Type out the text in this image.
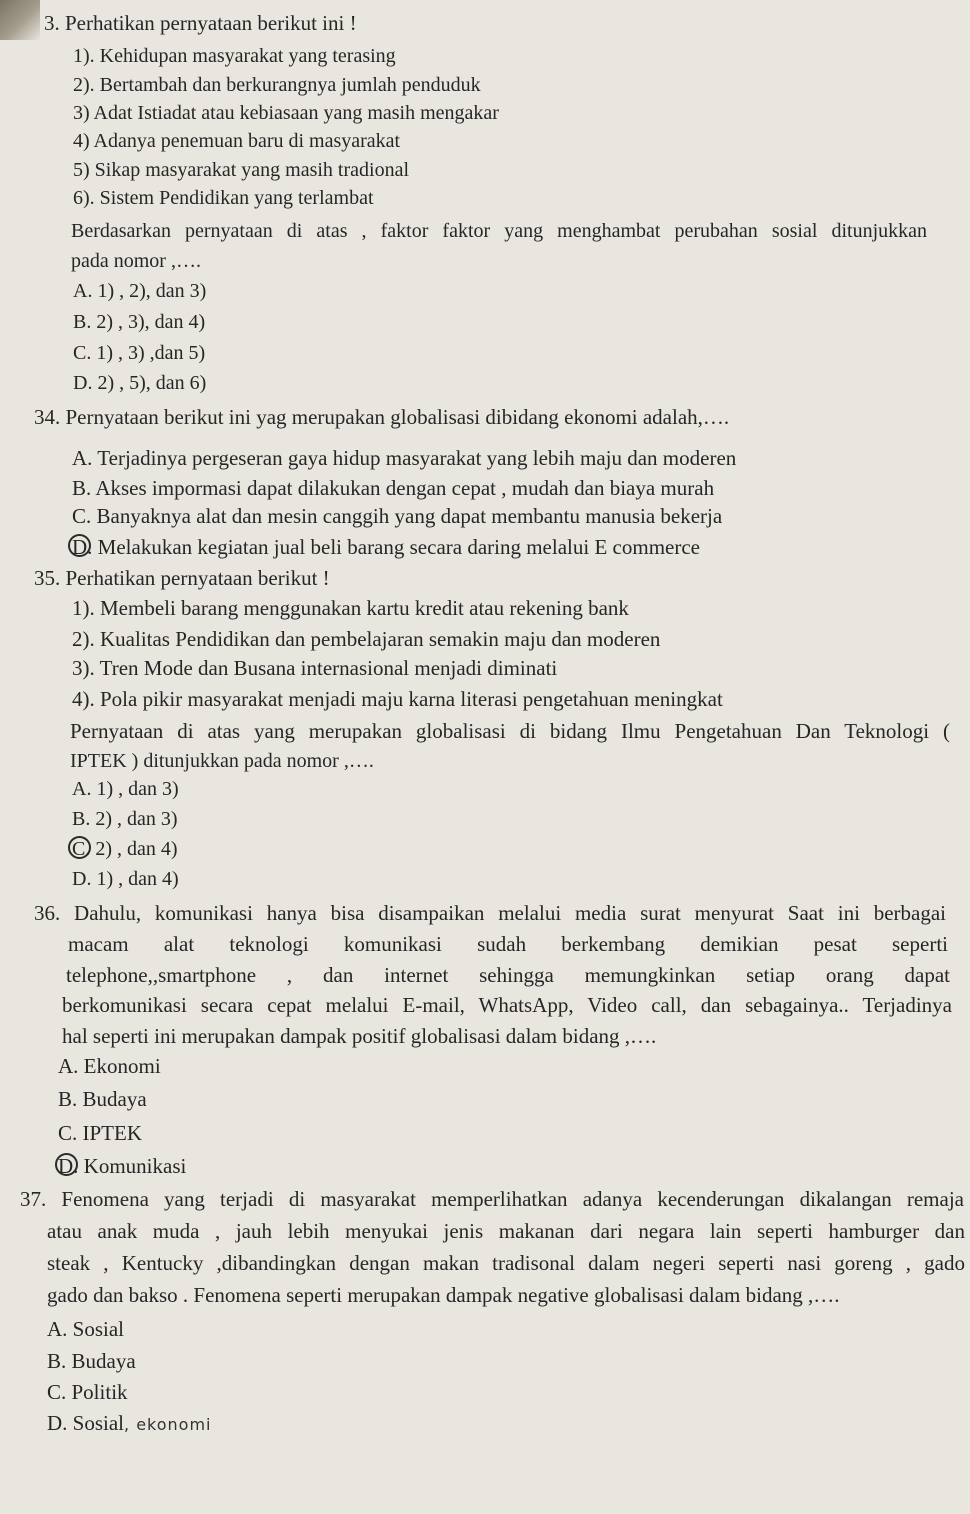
3. Perhatikan pernyataan berikut ini !
1). Kehidupan masyarakat yang terasing
2). Bertambah dan berkurangnya jumlah penduduk
3) Adat Istiadat atau kebiasaan yang masih mengakar
4) Adanya penemuan baru di masyarakat
5) Sikap masyarakat yang masih tradional
6). Sistem Pendidikan yang terlambat
Berdasarkan pernyataan di atas , faktor faktor yang menghambat perubahan sosial ditunjukkan
pada nomor ,….
A. 1) , 2), dan 3)
B. 2) , 3), dan 4)
C. 1) , 3) ,dan 5)
D. 2) , 5), dan 6)
34. Pernyataan berikut ini yag merupakan globalisasi dibidang ekonomi adalah,….
A. Terjadinya pergeseran gaya hidup masyarakat yang lebih maju dan moderen
B. Akses impormasi dapat dilakukan dengan cepat , mudah dan biaya murah
C. Banyaknya alat dan mesin canggih yang dapat membantu manusia bekerja
D. Melakukan kegiatan jual beli barang secara daring melalui E commerce
35. Perhatikan pernyataan berikut !
1). Membeli barang menggunakan kartu kredit atau rekening bank
2). Kualitas Pendidikan dan pembelajaran semakin maju dan moderen
3). Tren Mode dan Busana internasional menjadi diminati
4). Pola pikir masyarakat menjadi maju karna literasi pengetahuan meningkat
Pernyataan di atas yang merupakan globalisasi di bidang Ilmu Pengetahuan Dan Teknologi (
IPTEK ) ditunjukkan pada nomor ,….
A. 1) , dan 3)
B. 2) , dan 3)
C. 2) , dan 4)
D. 1) , dan 4)
36. Dahulu, komunikasi hanya bisa disampaikan melalui media surat menyurat Saat ini berbagai
macam alat teknologi komunikasi sudah berkembang demikian pesat seperti
telephone,,smartphone , dan internet sehingga memungkinkan setiap orang dapat
berkomunikasi secara cepat melalui E-mail, WhatsApp, Video call, dan sebagainya.. Terjadinya
hal seperti ini merupakan dampak positif globalisasi dalam bidang ,….
A. Ekonomi
B. Budaya
C. IPTEK
D. Komunikasi
37. Fenomena yang terjadi di masyarakat memperlihatkan adanya kecenderungan dikalangan remaja
atau anak muda , jauh lebih menyukai jenis makanan dari negara lain seperti hamburger dan
steak , Kentucky ,dibandingkan dengan makan tradisonal dalam negeri seperti nasi goreng , gado
gado dan bakso . Fenomena seperti merupakan dampak negative globalisasi dalam bidang ,….
A. Sosial
B. Budaya
C. Politik
D. Sosial, ekonomi
